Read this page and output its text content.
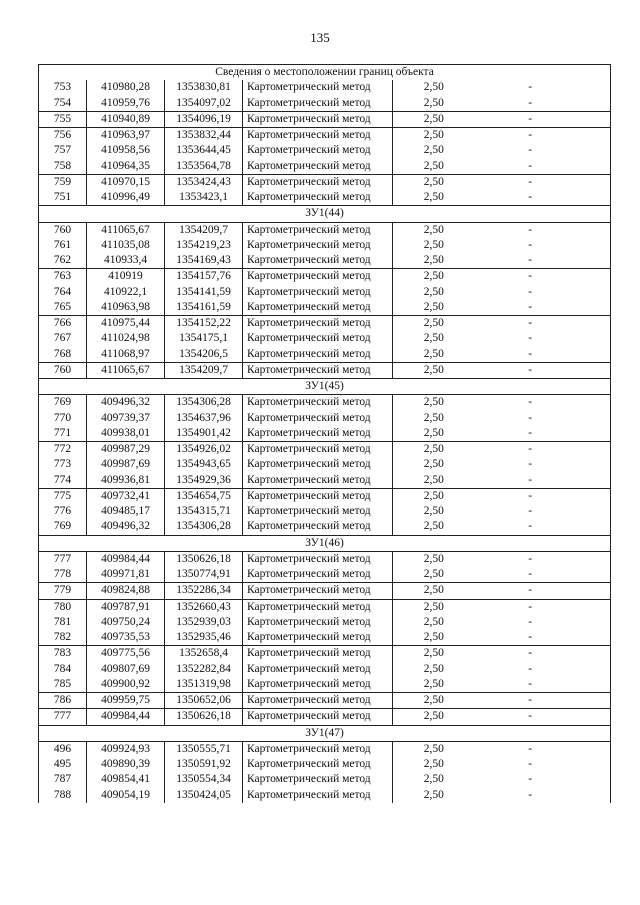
135
Сведения о местоположении границ объекта					
753	410980,28	1353830,81	Картометрический метод	2,50	-
754	410959,76	1354097,02	Картометрический метод	2,50	-
755	410940,89	1354096,19	Картометрический метод	2,50	-
756	410963,97	1353832,44	Картометрический метод	2,50	-
757	410958,56	1353644,45	Картометрический метод	2,50	-
758	410964,35	1353564,78	Картометрический метод	2,50	-
759	410970,15	1353424,43	Картометрический метод	2,50	-
751	410996,49	1353423,1	Картометрический метод	2,50	-
ЗУ1(44)					
760	411065,67	1354209,7	Картометрический метод	2,50	-
761	411035,08	1354219,23	Картометрический метод	2,50	-
762	410933,4	1354169,43	Картометрический метод	2,50	-
763	410919	1354157,76	Картометрический метод	2,50	-
764	410922,1	1354141,59	Картометрический метод	2,50	-
765	410963,98	1354161,59	Картометрический метод	2,50	-
766	410975,44	1354152,22	Картометрический метод	2,50	-
767	411024,98	1354175,1	Картометрический метод	2,50	-
768	411068,97	1354206,5	Картометрический метод	2,50	-
760	411065,67	1354209,7	Картометрический метод	2,50	-
ЗУ1(45)					
769	409496,32	1354306,28	Картометрический метод	2,50	-
770	409739,37	1354637,96	Картометрический метод	2,50	-
771	409938,01	1354901,42	Картометрический метод	2,50	-
772	409987,29	1354926,02	Картометрический метод	2,50	-
773	409987,69	1354943,65	Картометрический метод	2,50	-
774	409936,81	1354929,36	Картометрический метод	2,50	-
775	409732,41	1354654,75	Картометрический метод	2,50	-
776	409485,17	1354315,71	Картометрический метод	2,50	-
769	409496,32	1354306,28	Картометрический метод	2,50	-
ЗУ1(46)					
777	409984,44	1350626,18	Картометрический метод	2,50	-
778	409971,81	1350774,91	Картометрический метод	2,50	-
779	409824,88	1352286,34	Картометрический метод	2,50	-
780	409787,91	1352660,43	Картометрический метод	2,50	-
781	409750,24	1352939,03	Картометрический метод	2,50	-
782	409735,53	1352935,46	Картометрический метод	2,50	-
783	409775,56	1352658,4	Картометрический метод	2,50	-
784	409807,69	1352282,84	Картометрический метод	2,50	-
785	409900,92	1351319,98	Картометрический метод	2,50	-
786	409959,75	1350652,06	Картометрический метод	2,50	-
777	409984,44	1350626,18	Картометрический метод	2,50	-
ЗУ1(47)					
496	409924,93	1350555,71	Картометрический метод	2,50	-
495	409890,39	1350591,92	Картометрический метод	2,50	-
787	409854,41	1350554,34	Картометрический метод	2,50	-
788	409054,19	1350424,05	Картометрический метод	2,50	-
